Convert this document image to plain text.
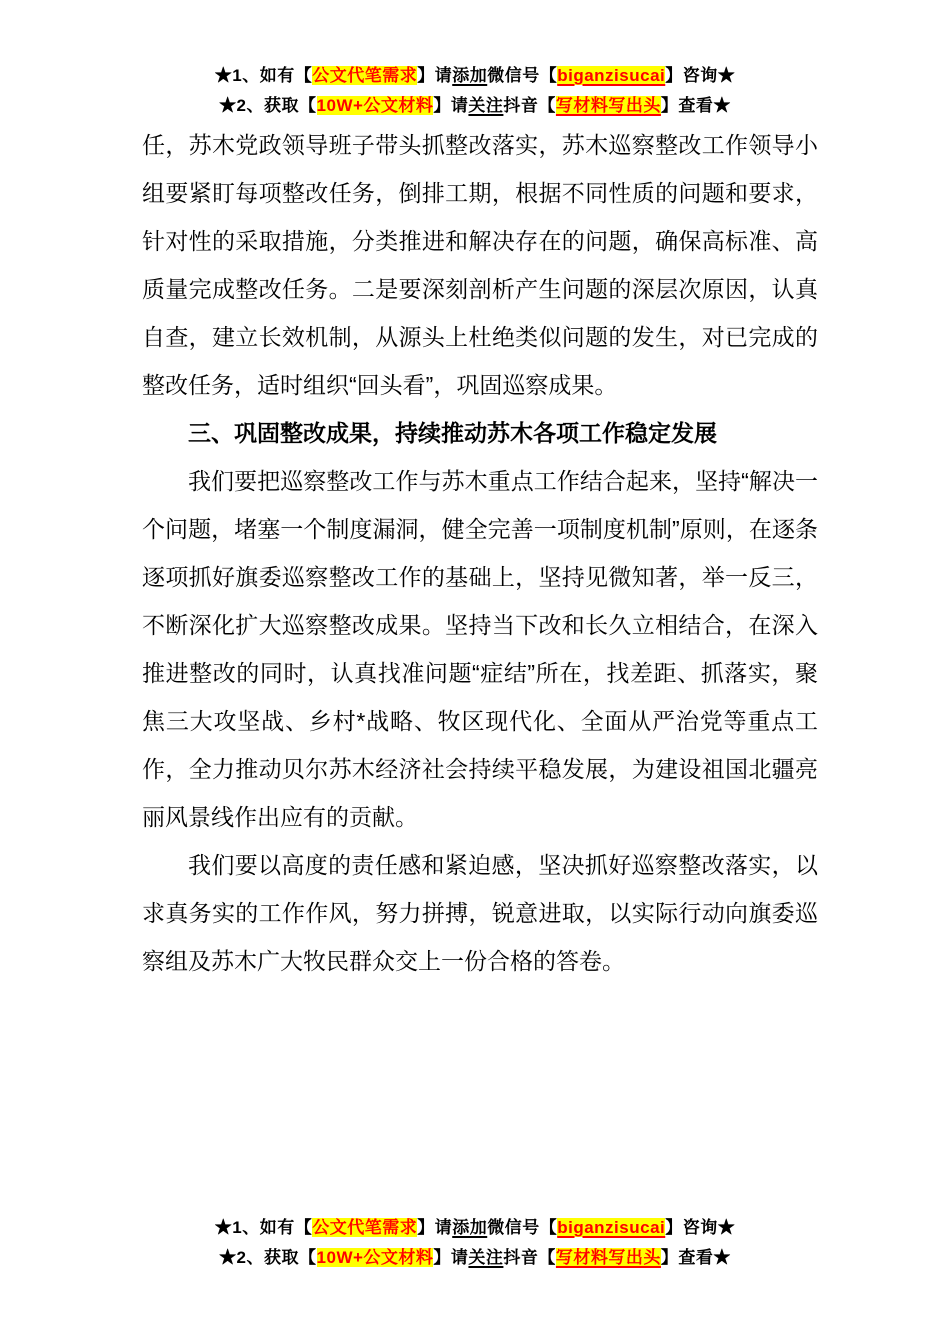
★1、如有【公文代笔需求】请添加微信号【biganzisucai】咨询★
★2、获取【10W+公文材料】请关注抖音【写材料写出头】查看★

任，苏木党政领导班子带头抓整改落实，苏木巡察整改工作领导小组要紧盯每项整改任务，倒排工期，根据不同性质的问题和要求，针对性的采取措施，分类推进和解决存在的问题，确保高标准、高质量完成整改任务。二是要深刻剖析产生问题的深层次原因，认真自查，建立长效机制，从源头上杜绝类似问题的发生，对已完成的整改任务，适时组织“回头看”，巩固巡察成果。

三、巩固整改成果，持续推动苏木各项工作稳定发展

我们要把巡察整改工作与苏木重点工作结合起来，坚持“解决一个问题，堵塞一个制度漏洞，健全完善一项制度机制”原则，在逐条逐项抓好旗委巡察整改工作的基础上，坚持见微知著，举一反三，不断深化扩大巡察整改成果。坚持当下改和长久立相结合，在深入推进整改的同时，认真找准问题“症结”所在，找差距、抓落实，聚焦三大攻坚战、乡村*战略、牧区现代化、全面从严治党等重点工作，全力推动贝尔苏木经济社会持续平稳发展，为建设祖国北疆亮丽风景线作出应有的贡献。

我们要以高度的责任感和紧迫感，坚决抓好巡察整改落实，以求真务实的工作作风，努力拼搏，锐意进取，以实际行动向旗委巡察组及苏木广大牧民群众交上一份合格的答卷。

★1、如有【公文代笔需求】请添加微信号【biganzisucai】咨询★
★2、获取【10W+公文材料】请关注抖音【写材料写出头】查看★
